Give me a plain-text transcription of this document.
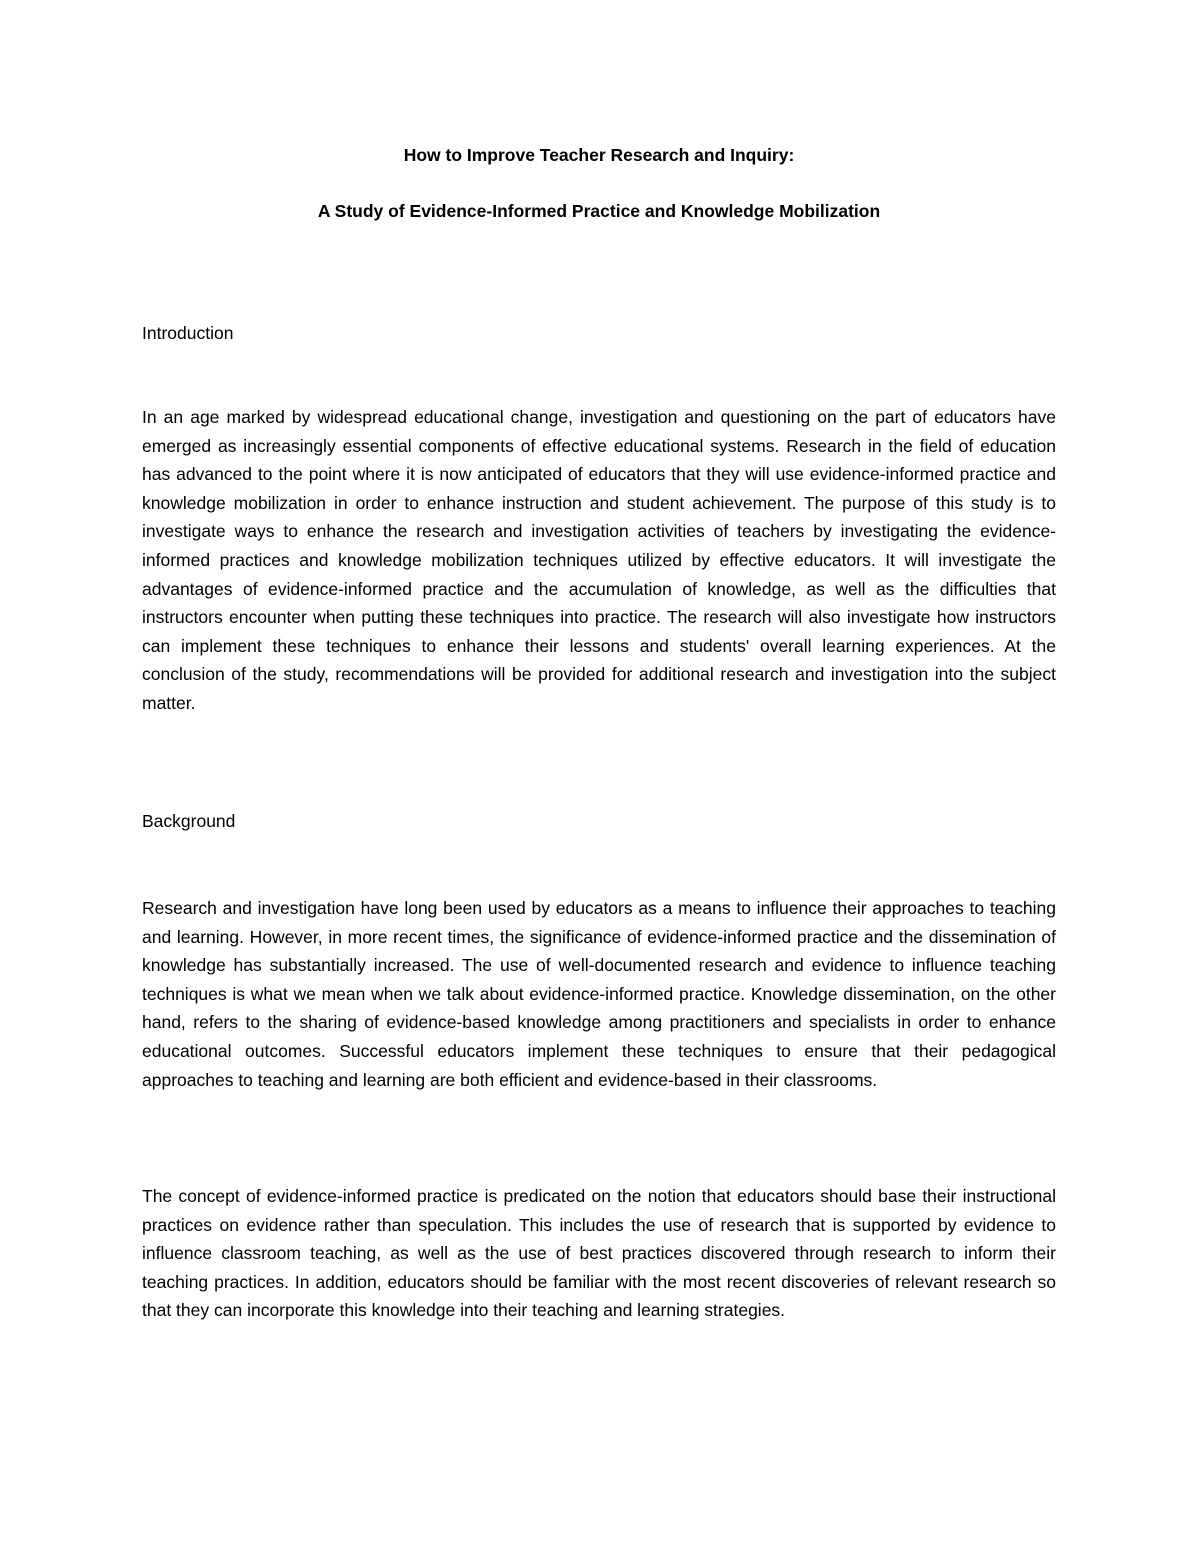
How to Improve Teacher Research and Inquiry:

A Study of Evidence-Informed Practice and Knowledge Mobilization

Introduction

In an age marked by widespread educational change, investigation and questioning on the part of educators have emerged as increasingly essential components of effective educational systems. Research in the field of education has advanced to the point where it is now anticipated of educators that they will use evidence-informed practice and knowledge mobilization in order to enhance instruction and student achievement. The purpose of this study is to investigate ways to enhance the research and investigation activities of teachers by investigating the evidence-informed practices and knowledge mobilization techniques utilized by effective educators. It will investigate the advantages of evidence-informed practice and the accumulation of knowledge, as well as the difficulties that instructors encounter when putting these techniques into practice. The research will also investigate how instructors can implement these techniques to enhance their lessons and students' overall learning experiences. At the conclusion of the study, recommendations will be provided for additional research and investigation into the subject matter.

Background

Research and investigation have long been used by educators as a means to influence their approaches to teaching and learning. However, in more recent times, the significance of evidence-informed practice and the dissemination of knowledge has substantially increased. The use of well-documented research and evidence to influence teaching techniques is what we mean when we talk about evidence-informed practice. Knowledge dissemination, on the other hand, refers to the sharing of evidence-based knowledge among practitioners and specialists in order to enhance educational outcomes. Successful educators implement these techniques to ensure that their pedagogical approaches to teaching and learning are both efficient and evidence-based in their classrooms.

The concept of evidence-informed practice is predicated on the notion that educators should base their instructional practices on evidence rather than speculation. This includes the use of research that is supported by evidence to influence classroom teaching, as well as the use of best practices discovered through research to inform their teaching practices. In addition, educators should be familiar with the most recent discoveries of relevant research so that they can incorporate this knowledge into their teaching and learning strategies.
